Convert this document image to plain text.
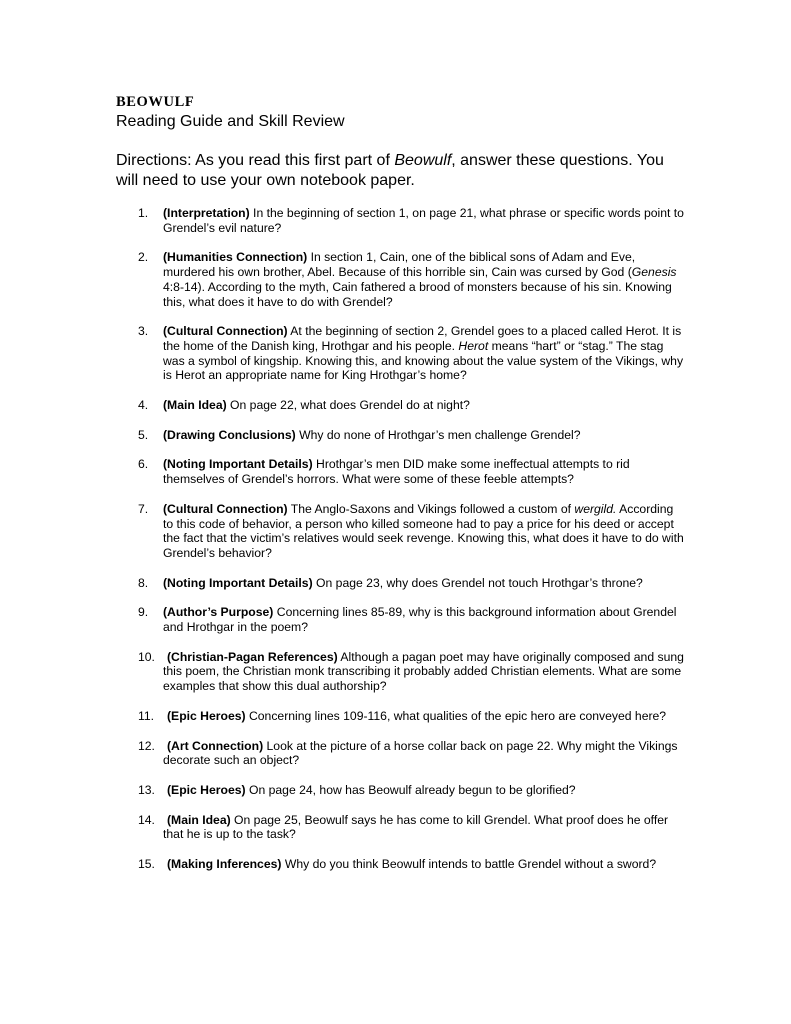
BEOWULF
Reading Guide and Skill Review
Directions: As you read this first part of Beowulf, answer these questions. You will need to use your own notebook paper.
1. (Interpretation) In the beginning of section 1, on page 21, what phrase or specific words point to Grendel’s evil nature?
2. (Humanities Connection) In section 1, Cain, one of the biblical sons of Adam and Eve, murdered his own brother, Abel. Because of this horrible sin, Cain was cursed by God (Genesis 4:8-14). According to the myth, Cain fathered a brood of monsters because of his sin. Knowing this, what does it have to do with Grendel?
3. (Cultural Connection) At the beginning of section 2, Grendel goes to a placed called Herot. It is the home of the Danish king, Hrothgar and his people. Herot means “hart” or “stag.” The stag was a symbol of kingship. Knowing this, and knowing about the value system of the Vikings, why is Herot an appropriate name for King Hrothgar’s home?
4. (Main Idea) On page 22, what does Grendel do at night?
5. (Drawing Conclusions) Why do none of Hrothgar’s men challenge Grendel?
6. (Noting Important Details) Hrothgar’s men DID make some ineffectual attempts to rid themselves of Grendel’s horrors. What were some of these feeble attempts?
7. (Cultural Connection) The Anglo-Saxons and Vikings followed a custom of wergild. According to this code of behavior, a person who killed someone had to pay a price for his deed or accept the fact that the victim’s relatives would seek revenge. Knowing this, what does it have to do with Grendel’s behavior?
8. (Noting Important Details) On page 23, why does Grendel not touch Hrothgar’s throne?
9. (Author’s Purpose) Concerning lines 85-89, why is this background information about Grendel and Hrothgar in the poem?
10. (Christian-Pagan References) Although a pagan poet may have originally composed and sung this poem, the Christian monk transcribing it probably added Christian elements. What are some examples that show this dual authorship?
11. (Epic Heroes) Concerning lines 109-116, what qualities of the epic hero are conveyed here?
12. (Art Connection) Look at the picture of a horse collar back on page 22. Why might the Vikings decorate such an object?
13. (Epic Heroes) On page 24, how has Beowulf already begun to be glorified?
14. (Main Idea) On page 25, Beowulf says he has come to kill Grendel. What proof does he offer that he is up to the task?
15. (Making Inferences) Why do you think Beowulf intends to battle Grendel without a sword?
